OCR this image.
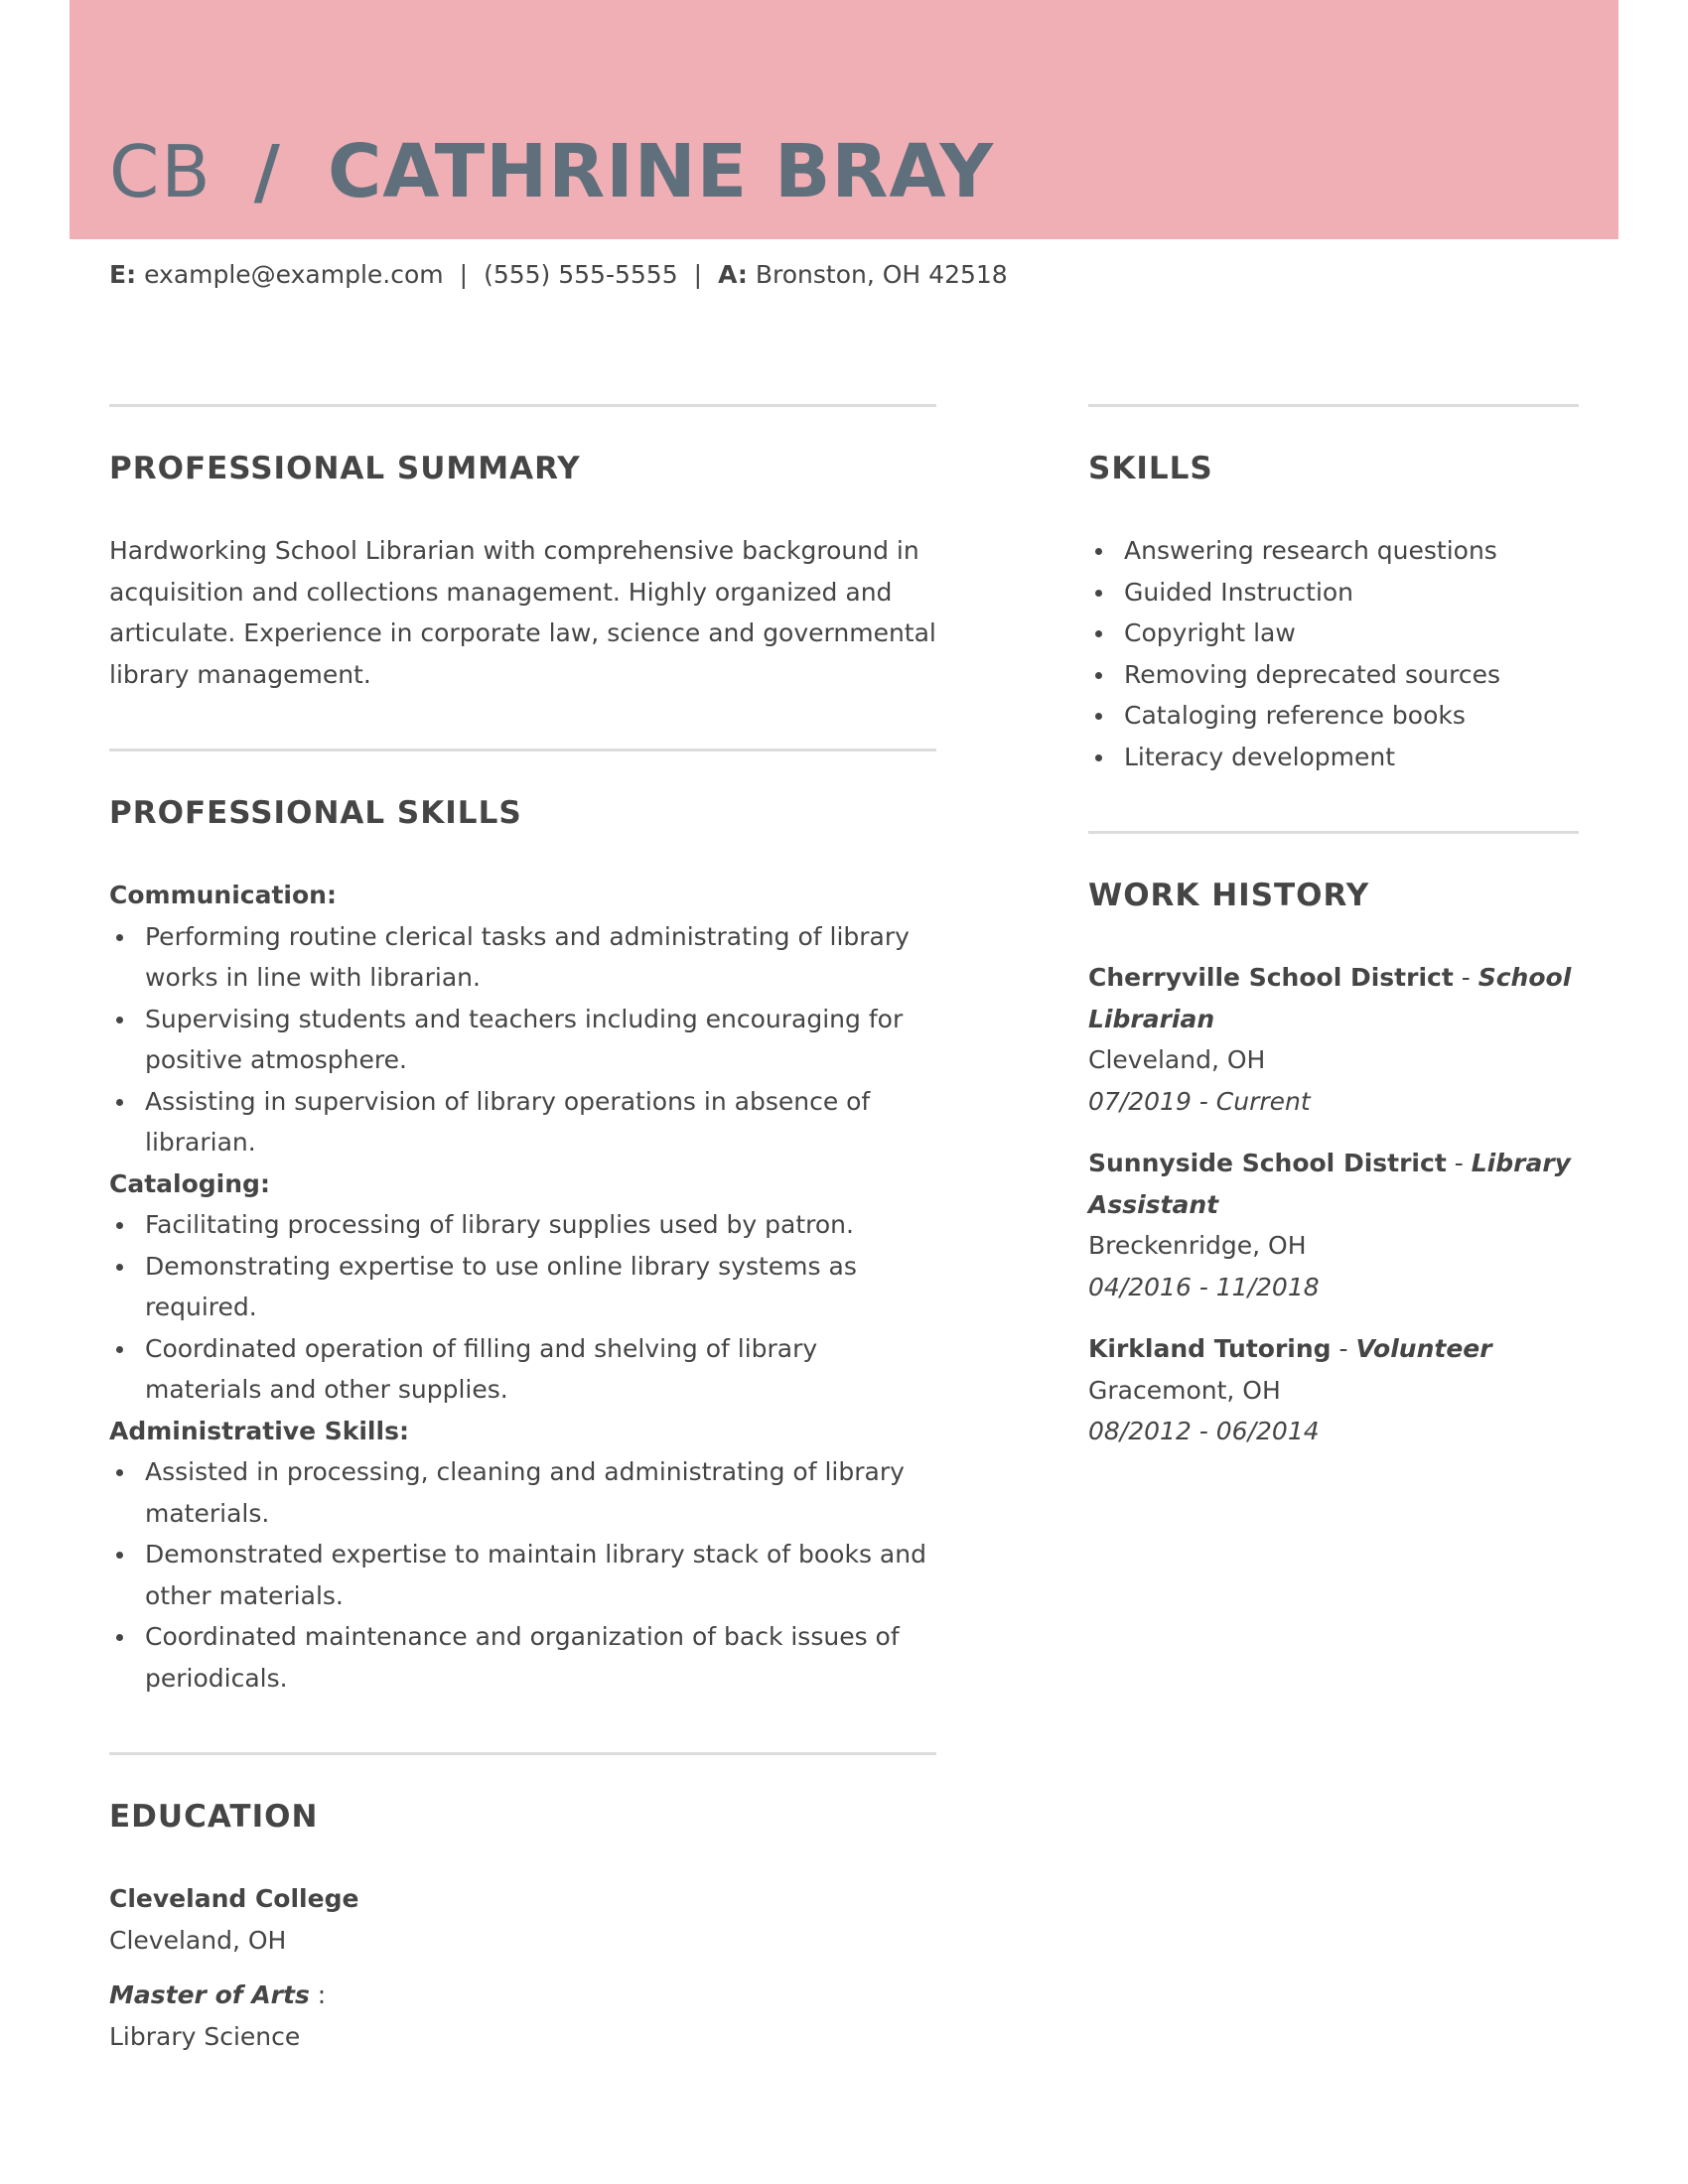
CB / CATHRINE BRAY
E: example@example.com | (555) 555-5555 | A: Bronston, OH 42518
PROFESSIONAL SUMMARY

Hardworking School Librarian with comprehensive background in acquisition and collections management. Highly organized and articulate. Experience in corporate law, science and governmental library management.

PROFESSIONAL SKILLS
Communication:
Performing routine clerical tasks and administrating of library works in line with librarian.
Supervising students and teachers including encouraging for positive atmosphere.
Assisting in supervision of library operations in absence of librarian.
Cataloging:
Facilitating processing of library supplies used by patron.
Demonstrating expertise to use online library systems as required.
Coordinated operation of filling and shelving of library materials and other supplies.
Administrative Skills:
Assisted in processing, cleaning and administrating of library materials.
Demonstrated expertise to maintain library stack of books and other materials.
Coordinated maintenance and organization of back issues of periodicals.
EDUCATION
Cleveland College
Cleveland, OH
Master of Arts :
Library Science
SKILLS
Answering research questions
Guided Instruction
Copyright law
Removing deprecated sources
Cataloging reference books
Literacy development
WORK HISTORY
Cherryville School District - School Librarian
Cleveland, OH
07/2019 - Current
Sunnyside School District - Library Assistant
Breckenridge, OH
04/2016 - 11/2018
Kirkland Tutoring - Volunteer
Gracemont, OH
08/2012 - 06/2014
